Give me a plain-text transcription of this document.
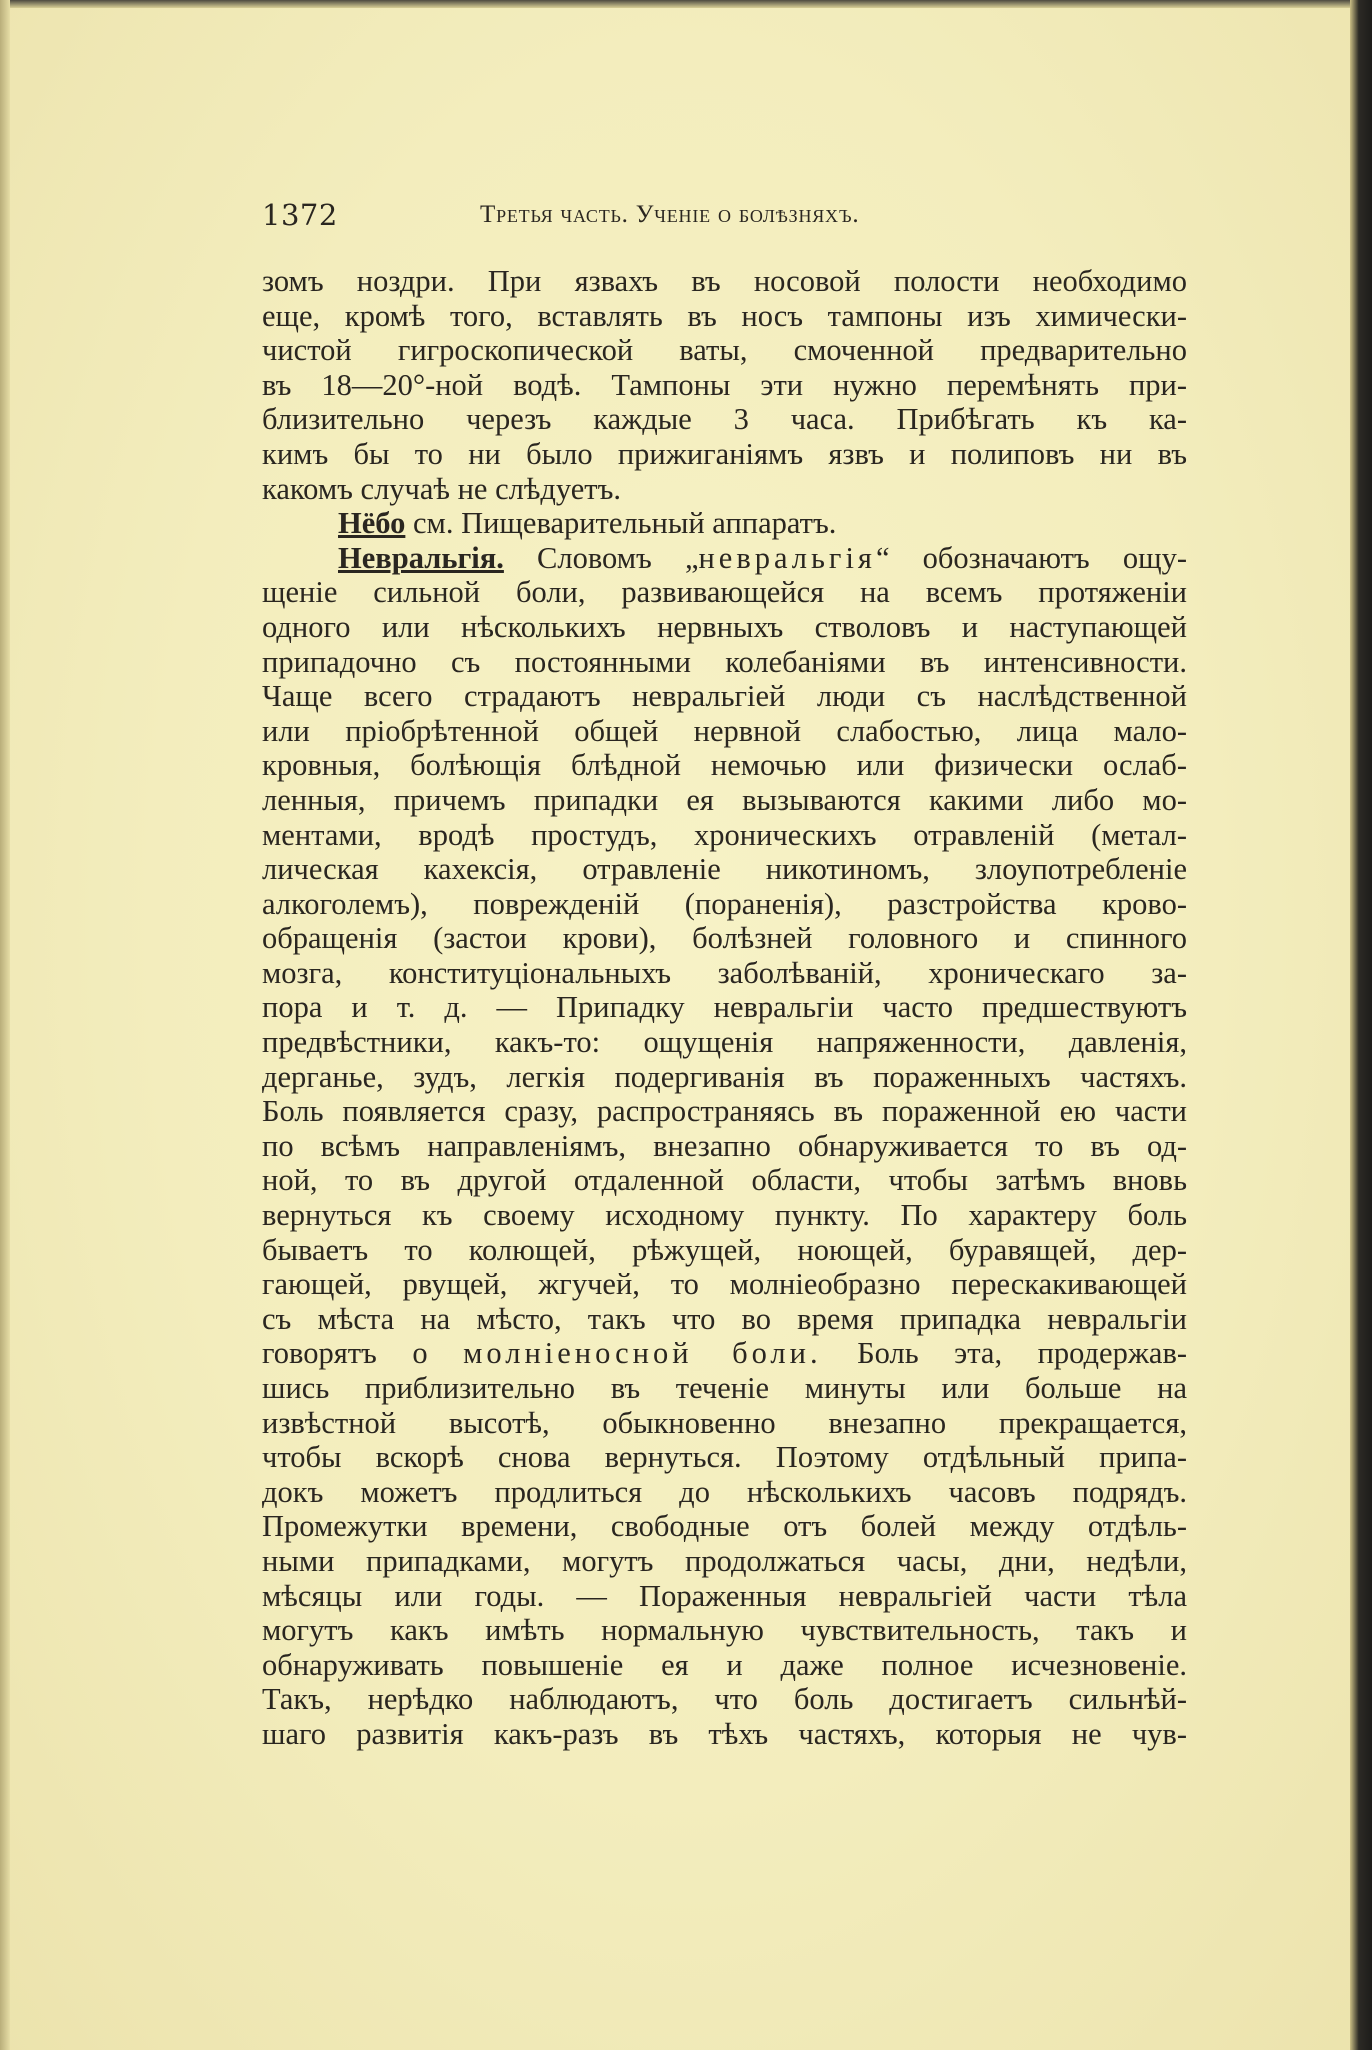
1372	Третья часть. Ученіе о болѣзняхъ.
зомъ ноздри. При язвахъ въ носовой полости необходимо
еще, кромѣ того, вставлять въ носъ тампоны изъ химически-
чистой гигроскопической ваты, смоченной предварительно
въ 18—20°-ной водѣ. Тампоны эти нужно перемѣнять при-
близительно черезъ каждые 3 часа. Прибѣгать къ ка-
кимъ бы то ни было прижиганіямъ язвъ и полиповъ ни въ
какомъ случаѣ не слѣдуетъ.
Нёбо см. Пищеварительный аппаратъ.
Невральгія. Словомъ „невральгія“ обозначаютъ ощу-
щеніе сильной боли, развивающейся на всемъ протяженіи
одного или нѣсколькихъ нервныхъ стволовъ и наступающей
припадочно съ постоянными колебаніями въ интенсивности.
Чаще всего страдаютъ невральгіей люди съ наслѣдственной
или пріобрѣтенной общей нервной слабостью, лица мало-
кровныя, болѣющія блѣдной немочью или физически ослаб-
ленныя, причемъ припадки ея вызываются какими либо мо-
ментами, вродѣ простудъ, хроническихъ отравленій (метал-
лическая кахексія, отравленіе никотиномъ, злоупотребленіе
алкоголемъ), поврежденій (пораненія), разстройства крово-
обращенія (застои крови), болѣзней головного и спинного
мозга, конституціональныхъ заболѣваній, хроническаго за-
пора и т. д. — Припадку невральгіи часто предшествуютъ
предвѣстники, какъ-то: ощущенія напряженности, давленія,
дерганье, зудъ, легкія подергиванія въ пораженныхъ частяхъ.
Боль появляется сразу, распространяясь въ пораженной ею части
по всѣмъ направленіямъ, внезапно обнаруживается то въ од-
ной, то въ другой отдаленной области, чтобы затѣмъ вновь
вернуться къ своему исходному пункту. По характеру боль
бываетъ то колющей, рѣжущей, ноющей, буравящей, дер-
гающей, рвущей, жгучей, то молніеобразно перескакивающей
съ мѣста на мѣсто, такъ что во время припадка невральгіи
говорятъ о молніеносной боли. Боль эта, продержав-
шись приблизительно въ теченіе минуты или больше на
извѣстной высотѣ, обыкновенно внезапно прекращается,
чтобы вскорѣ снова вернуться. Поэтому отдѣльный припа-
докъ можетъ продлиться до нѣсколькихъ часовъ подрядъ.
Промежутки времени, свободные отъ болей между отдѣль-
ными припадками, могутъ продолжаться часы, дни, недѣли,
мѣсяцы или годы. — Пораженныя невральгіей части тѣла
могутъ какъ имѣть нормальную чувствительность, такъ и
обнаруживать повышеніе ея и даже полное исчезновеніе.
Такъ, нерѣдко наблюдаютъ, что боль достигаетъ сильнѣй-
шаго развитія какъ-разъ въ тѣхъ частяхъ, которыя не чув-
